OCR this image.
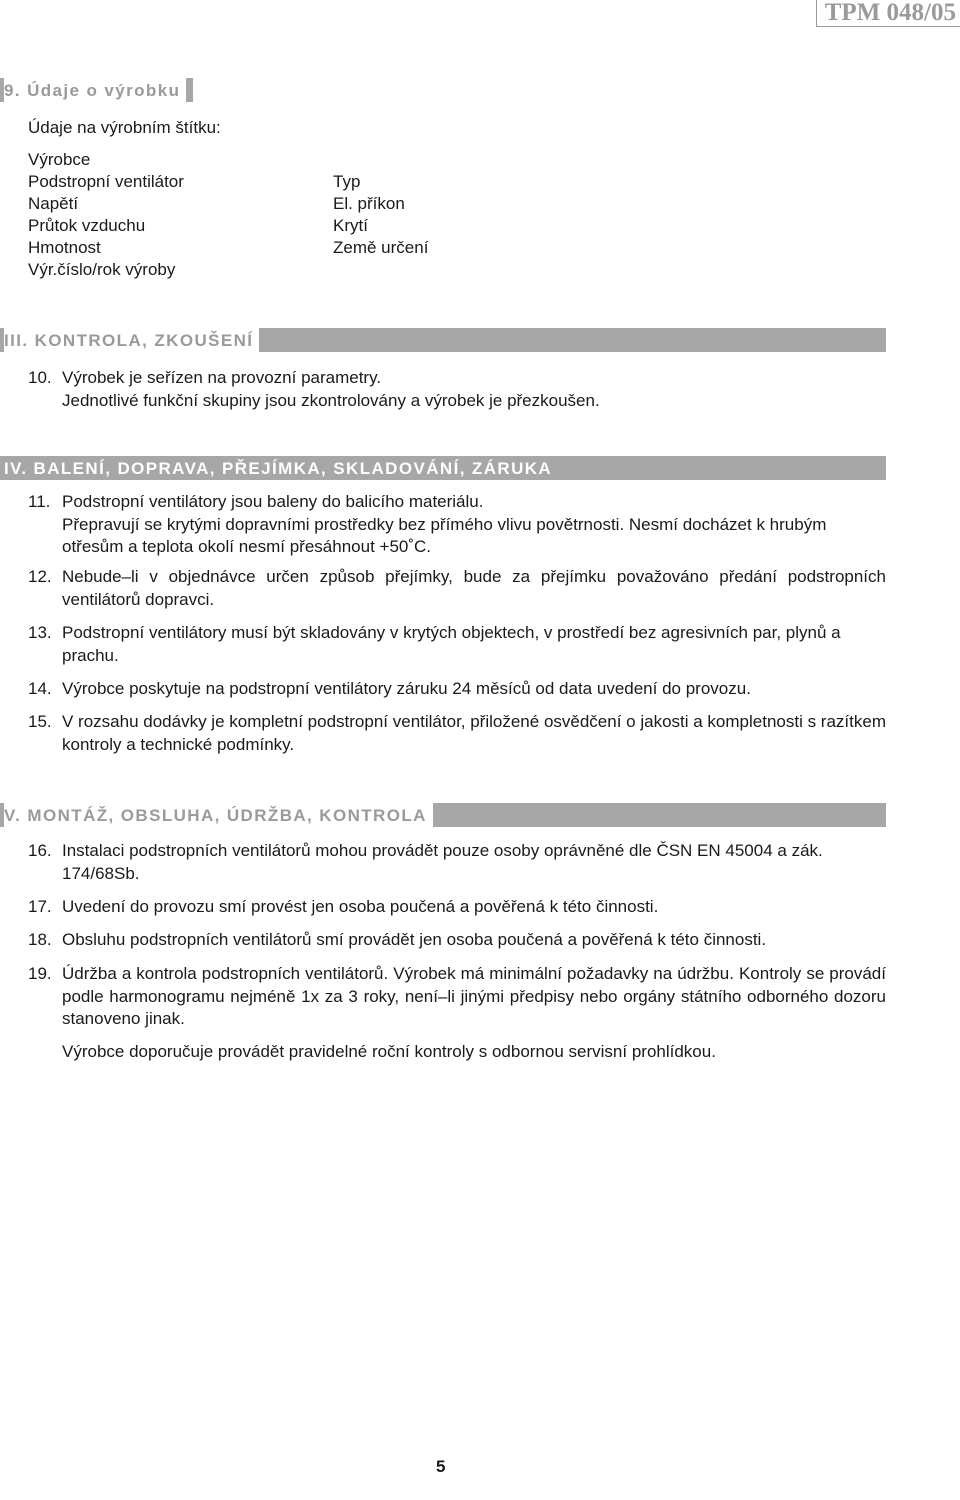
TPM 048/05
9. Údaje o výrobku
Údaje na výrobním štítku:
Výrobce
Podstropní ventilátor
Napětí
Průtok vzduchu
Hmotnost
Výr.číslo/rok výroby
Typ
El. příkon
Krytí
Země určení
III. KONTROLA, ZKOUŠENÍ
10. Výrobek je seřízen na provozní parametry.
Jednotlivé funkční skupiny jsou zkontrolovány a výrobek je přezkoušen.
IV. BALENÍ, DOPRAVA, PŘEJÍMKA, SKLADOVÁNÍ, ZÁRUKA
11. Podstropní ventilátory jsou baleny do balicího materiálu.
Přepravují se krytými dopravními prostředky bez přímého vlivu povětrnosti. Nesmí docházet k hrubým otřesům a teplota okolí nesmí přesáhnout +50˚C.
12. Nebude–li v objednávce určen způsob přejímky, bude za přejímku považováno předání podstropních ventilátorů dopravci.
13. Podstropní ventilátory musí být skladovány v krytých objektech, v prostředí bez agresivních par, plynů a prachu.
14. Výrobce poskytuje na podstropní ventilátory záruku 24 měsíců od data uvedení do provozu.
15. V rozsahu dodávky je kompletní podstropní ventilátor, přiložené osvědčení o jakosti a kompletnosti s razítkem kontroly a technické podmínky.
V. MONTÁŽ, OBSLUHA, ÚDRŽBA, KONTROLA
16. Instalaci podstropních ventilátorů mohou provádět pouze osoby oprávněné dle ČSN EN 45004 a zák. 174/68Sb.
17. Uvedení do provozu smí provést jen osoba poučená a pověřená k této činnosti.
18. Obsluhu podstropních ventilátorů smí provádět jen osoba poučená a pověřená k této činnosti.
19. Údržba a kontrola podstropních ventilátorů. Výrobek má minimální požadavky na údržbu. Kontroly se provádí podle harmonogramu nejméně 1x za 3 roky, není–li jinými předpisy nebo orgány státního odborného dozoru stanoveno jinak.
Výrobce doporučuje provádět pravidelné roční kontroly s odbornou servisní prohlídkou.
5
